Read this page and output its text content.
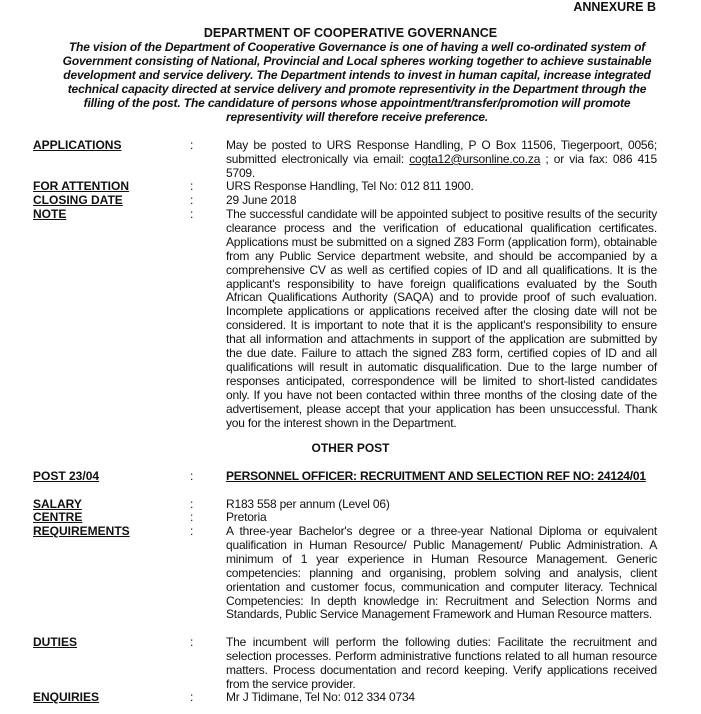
ANNEXURE B
DEPARTMENT OF COOPERATIVE GOVERNANCE
The vision of the Department of Cooperative Governance is one of having a well co-ordinated system of Government consisting of National, Provincial and Local spheres working together to achieve sustainable development and service delivery. The Department intends to invest in human capital, increase integrated technical capacity directed at service delivery and promote representivity in the Department through the filling of the post. The candidature of persons whose appointment/transfer/promotion will promote representivity will therefore receive preference.
APPLICATIONS	:	May be posted to URS Response Handling, P O Box 11506, Tiegerpoort, 0056; submitted electronically via email: cogta12@ursonline.co.za ; or via fax: 086 415 5709.
FOR ATTENTION	:	URS Response Handling, Tel No: 012 811 1900.
CLOSING DATE	:	29 June 2018
NOTE	:	The successful candidate will be appointed subject to positive results of the security clearance process and the verification of educational qualification certificates. Applications must be submitted on a signed Z83 Form (application form), obtainable from any Public Service department website, and should be accompanied by a comprehensive CV as well as certified copies of ID and all qualifications. It is the applicant's responsibility to have foreign qualifications evaluated by the South African Qualifications Authority (SAQA) and to provide proof of such evaluation. Incomplete applications or applications received after the closing date will not be considered. It is important to note that it is the applicant's responsibility to ensure that all information and attachments in support of the application are submitted by the due date. Failure to attach the signed Z83 form, certified copies of ID and all qualifications will result in automatic disqualification. Due to the large number of responses anticipated, correspondence will be limited to short-listed candidates only. If you have not been contacted within three months of the closing date of the advertisement, please accept that your application has been unsuccessful. Thank you for the interest shown in the Department.
OTHER POST
POST 23/04	:	PERSONNEL OFFICER: RECRUITMENT AND SELECTION REF NO: 24124/01
SALARY	:	R183 558 per annum (Level 06)
CENTRE	:	Pretoria
REQUIREMENTS	:	A three-year Bachelor's degree or a three-year National Diploma or equivalent qualification in Human Resource/ Public Management/ Public Administration. A minimum of 1 year experience in Human Resource Management. Generic competencies: planning and organising, problem solving and analysis, client orientation and customer focus, communication and computer literacy. Technical Competencies: In depth knowledge in: Recruitment and Selection Norms and Standards, Public Service Management Framework and Human Resource matters.
DUTIES	:	The incumbent will perform the following duties: Facilitate the recruitment and selection processes. Perform administrative functions related to all human resource matters. Process documentation and record keeping. Verify applications received from the service provider.
ENQUIRIES	:	Mr J Tidimane, Tel No: 012 334 0734
